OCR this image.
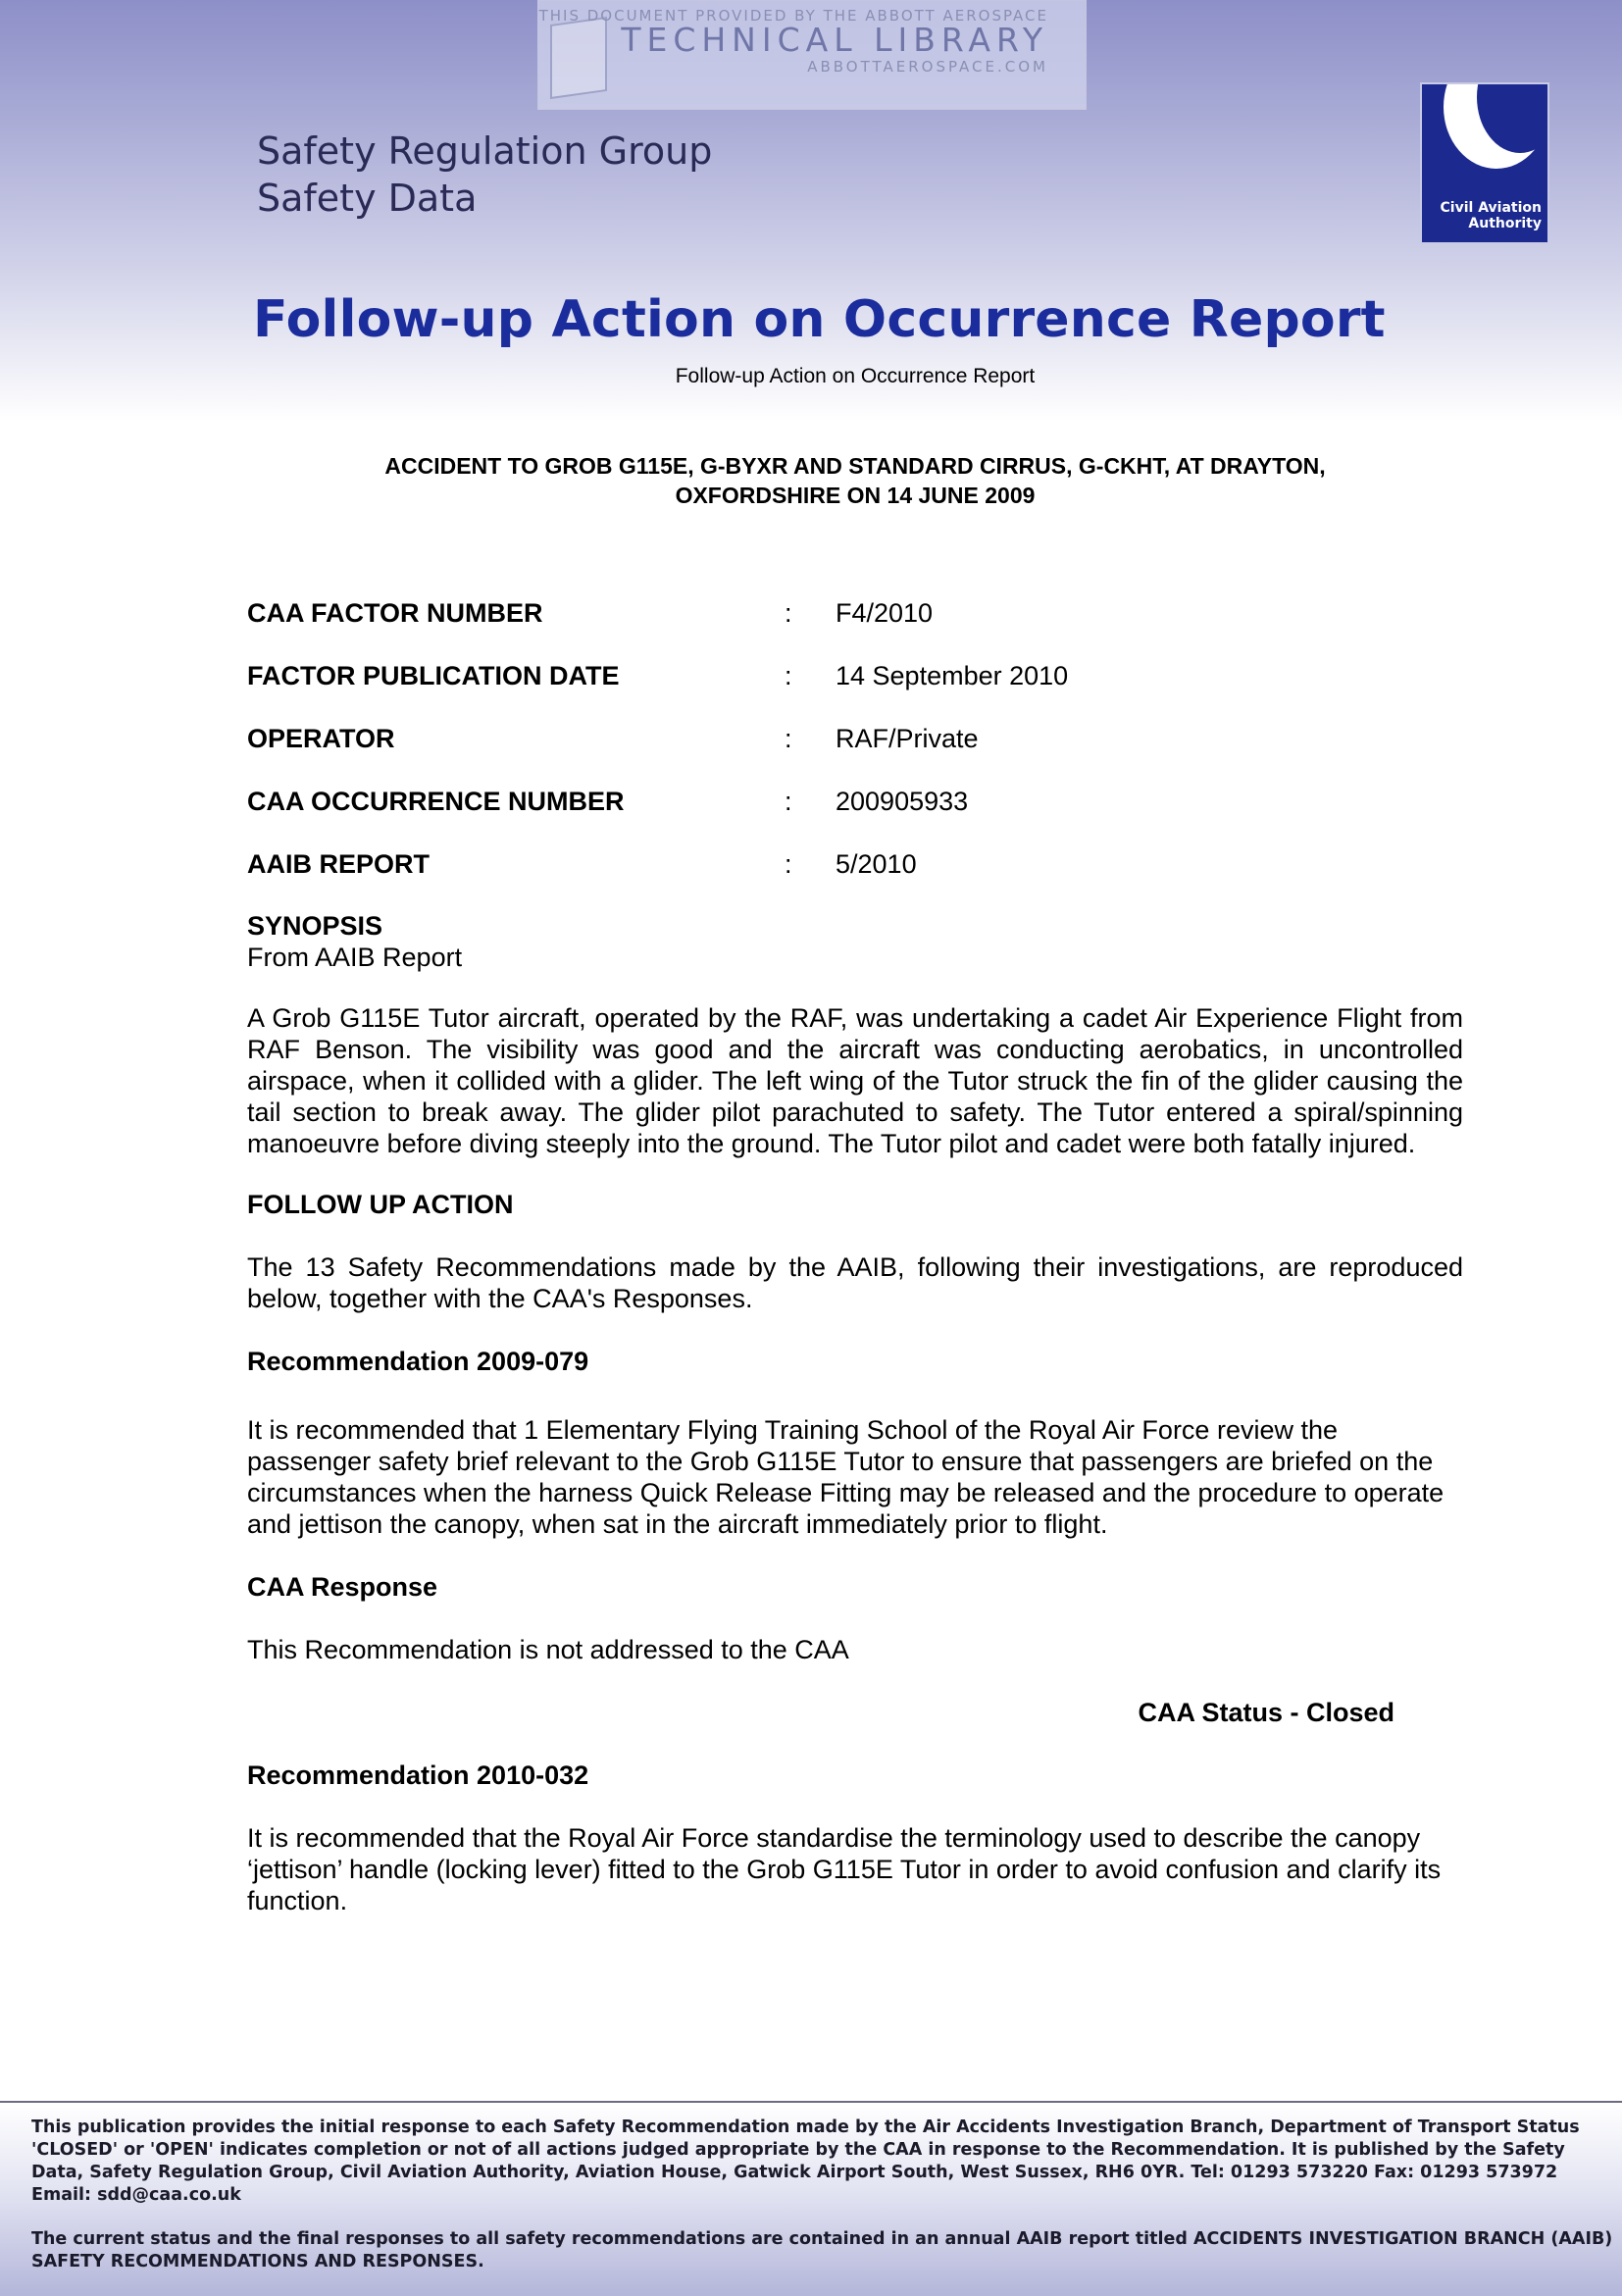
THIS DOCUMENT PROVIDED BY THE ABBOTT AEROSPACE
TECHNICAL LIBRARY
ABBOTTAEROSPACE.COM
Safety Regulation Group
Safety Data	Civil Aviation
Authority
Follow-up Action on Occurrence Report
Follow-up Action on Occurrence Report
ACCIDENT TO GROB G115E, G-BYXR AND STANDARD CIRRUS, G-CKHT, AT DRAYTON,
OXFORDSHIRE ON 14 JUNE 2009
CAA FACTOR NUMBER	: F4/2010
FACTOR PUBLICATION DATE	: 14 September 2010
OPERATOR	: RAF/Private
CAA OCCURRENCE NUMBER	: 200905933
AAIB REPORT	: 5/2010

SYNOPSIS

From AAIB Report

A Grob G115E Tutor aircraft, operated by the RAF, was undertaking a cadet Air Experience Flight from RAF Benson. The visibility was good and the aircraft was conducting aerobatics, in uncontrolled airspace, when it collided with a glider. The left wing of the Tutor struck the fin of the glider causing the tail section to break away. The glider pilot parachuted to safety. The Tutor entered a spiral/spinning manoeuvre before diving steeply into the ground. The Tutor pilot and cadet were both fatally injured.

FOLLOW UP ACTION

The 13 Safety Recommendations made by the AAIB, following their investigations, are reproduced below, together with the CAA's Responses.

Recommendation 2009-079

It is recommended that 1 Elementary Flying Training School of the Royal Air Force review the passenger safety brief relevant to the Grob G115E Tutor to ensure that passengers are briefed on the circumstances when the harness Quick Release Fitting may be released and the procedure to operate and jettison the canopy, when sat in the aircraft immediately prior to flight.

CAA Response

This Recommendation is not addressed to the CAA

CAA Status - Closed

Recommendation 2010-032

It is recommended that the Royal Air Force standardise the terminology used to describe the canopy ‘jettison’ handle (locking lever) fitted to the Grob G115E Tutor in order to avoid confusion and clarify its function.

This publication provides the initial response to each Safety Recommendation made by the Air Accidents Investigation Branch, Department of Transport Status 'CLOSED' or 'OPEN' indicates completion or not of all actions judged appropriate by the CAA in response to the Recommendation. It is published by the Safety Data, Safety Regulation Group, Civil Aviation Authority, Aviation House, Gatwick Airport South, West Sussex, RH6 0YR. Tel: 01293 573220 Fax: 01293 573972 Email: sdd@caa.co.uk

The current status and the final responses to all safety recommendations are contained in an annual AAIB report titled ACCIDENTS INVESTIGATION BRANCH (AAIB) SAFETY RECOMMENDATIONS AND RESPONSES.
